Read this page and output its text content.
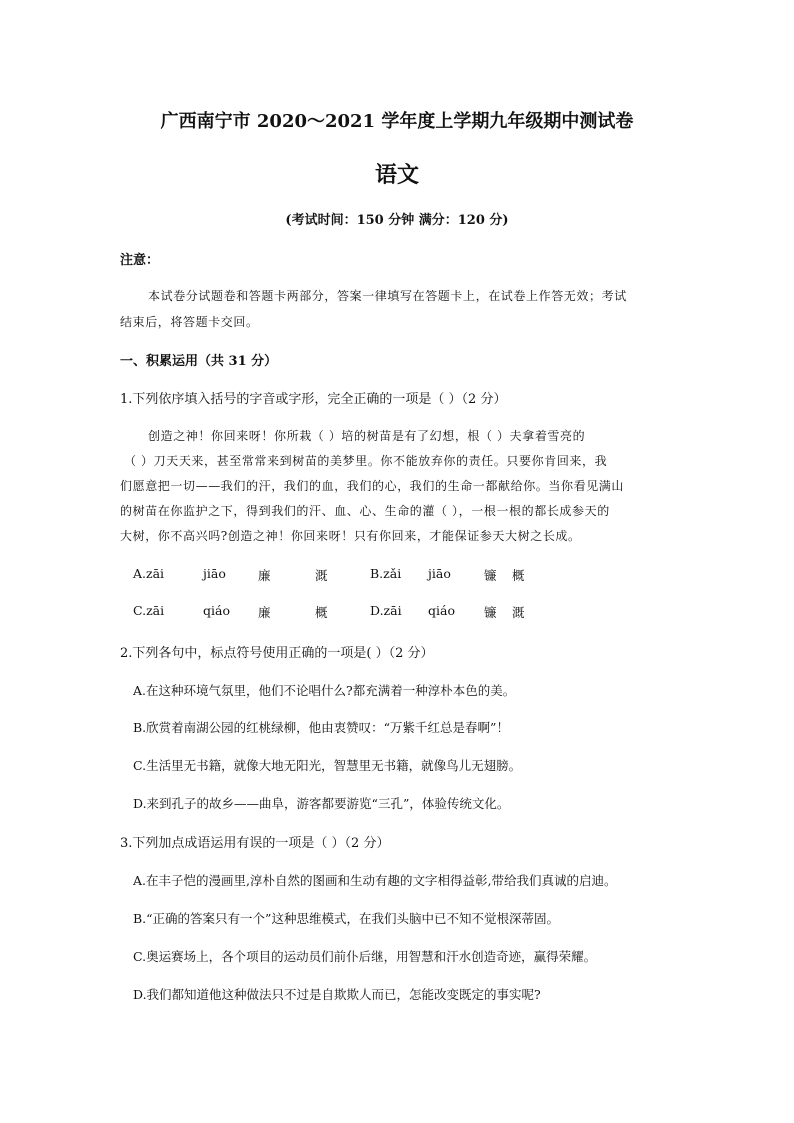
广西南宁市 2020～2021 学年度上学期九年级期中测试卷
语文
(考试时间：150 分钟 满分：120 分)
注意：
本试卷分试题卷和答题卡两部分，答案一律填写在答题卡上，在试卷上作答无效；考试
结束后，将答题卡交回。
一、积累运用（共 31 分）
1.下列依序填入括号的字音或字形，完全正确的一项是（ ）（2 分）
创造之神！你回来呀！你所栽（ ）培的树苗是有了幻想，根（ ）夫拿着雪亮的
（ ）刀天天来，甚至常常来到树苗的美梦里。你不能放弃你的责任。只要你肯回来，我
们愿意把一切——我们的汗，我们的血，我们的心，我们的生命一都献给你。当你看见满山
的树苗在你监护之下，得到我们的汗、血、心、生命的灌（ ），一根一根的都长成参天的
大树，你不高兴吗?创造之神！你回来呀！只有你回来，才能保证参天大树之长成。
A.zāi	jiāo	廉	溉	B.zǎi jiāo	镰 概
C.zāi	qiáo 廉	概	D.zāi qiáo 镰 溉
2.下列各句中，标点符号使用正确的一项是( ）（2 分）
A.在这种环境气氛里，他们不论唱什么?都充满着一种淳朴本色的美。
B.欣赏着南湖公园的红桃绿柳，他由衷赞叹：“万紫千红总是春啊”！
C.生活里无书籍，就像大地无阳光，智慧里无书籍，就像鸟儿无翅膀。
D.来到孔子的故乡——曲阜，游客都要游览“三孔”，体验传统文化。
3.下列加点成语运用有误的一项是（ ）（2 分）
A.在丰子恺的漫画里,淳朴自然的图画和生动有趣的文字相得益彰,带给我们真诚的启迪。
B.“正确的答案只有一个”这种思维模式，在我们头脑中已不知不觉根深蒂固。
C.奥运赛场上，各个项目的运动员们前仆后继，用智慧和汗水创造奇迹，赢得荣耀。
D.我们都知道他这种做法只不过是自欺欺人而已，怎能改变既定的事实呢?
